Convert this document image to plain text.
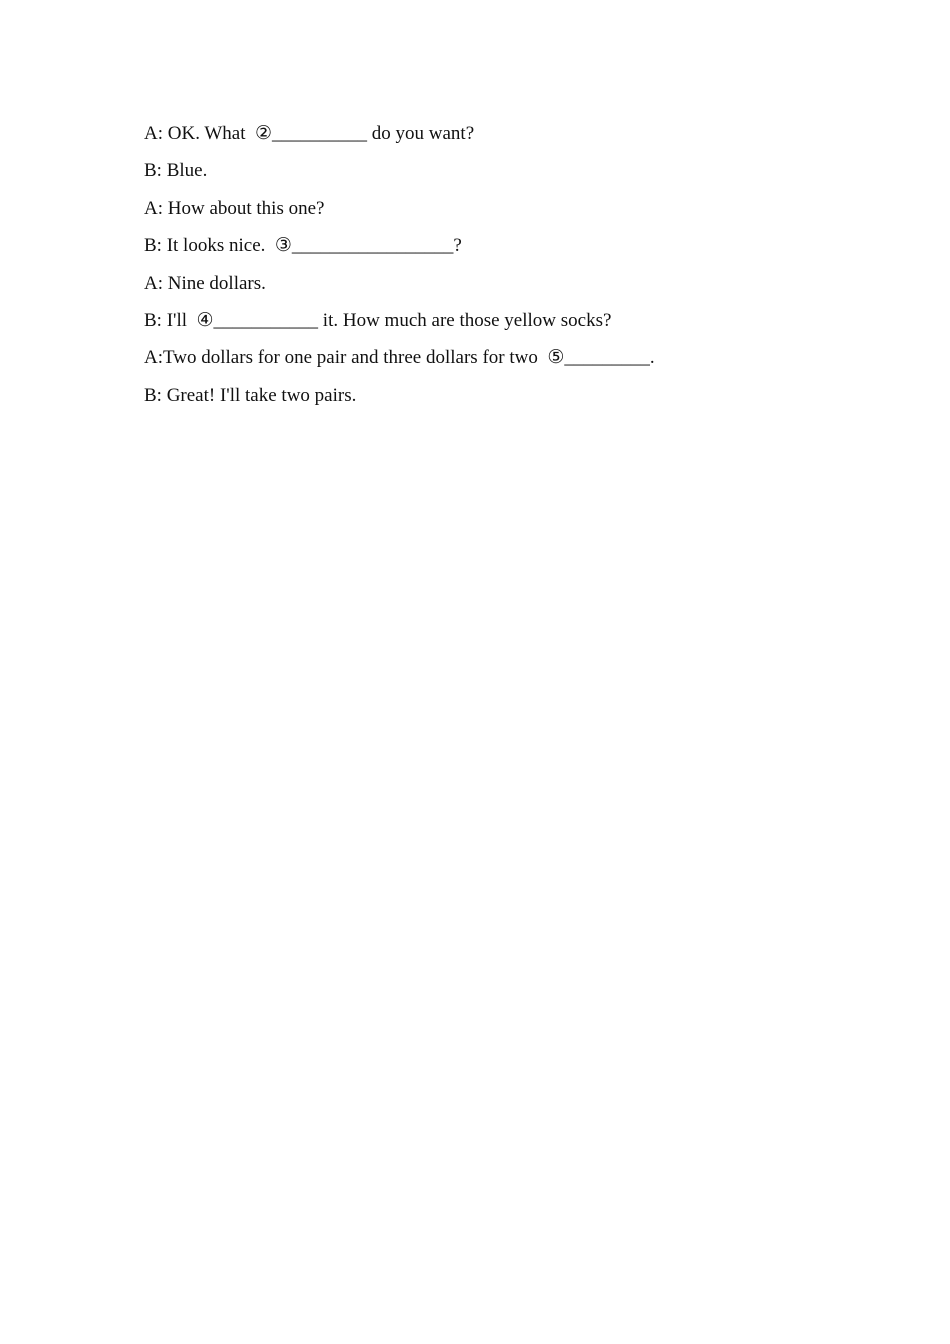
A: OK. What  ②__________ do you want?
B: Blue.
A: How about this one?
B: It looks nice.  ③_________________?
A: Nine dollars.
B: I'll  ④___________ it. How much are those yellow socks?
A:Two dollars for one pair and three dollars for two  ⑤_________.
B: Great! I'll take two pairs.
